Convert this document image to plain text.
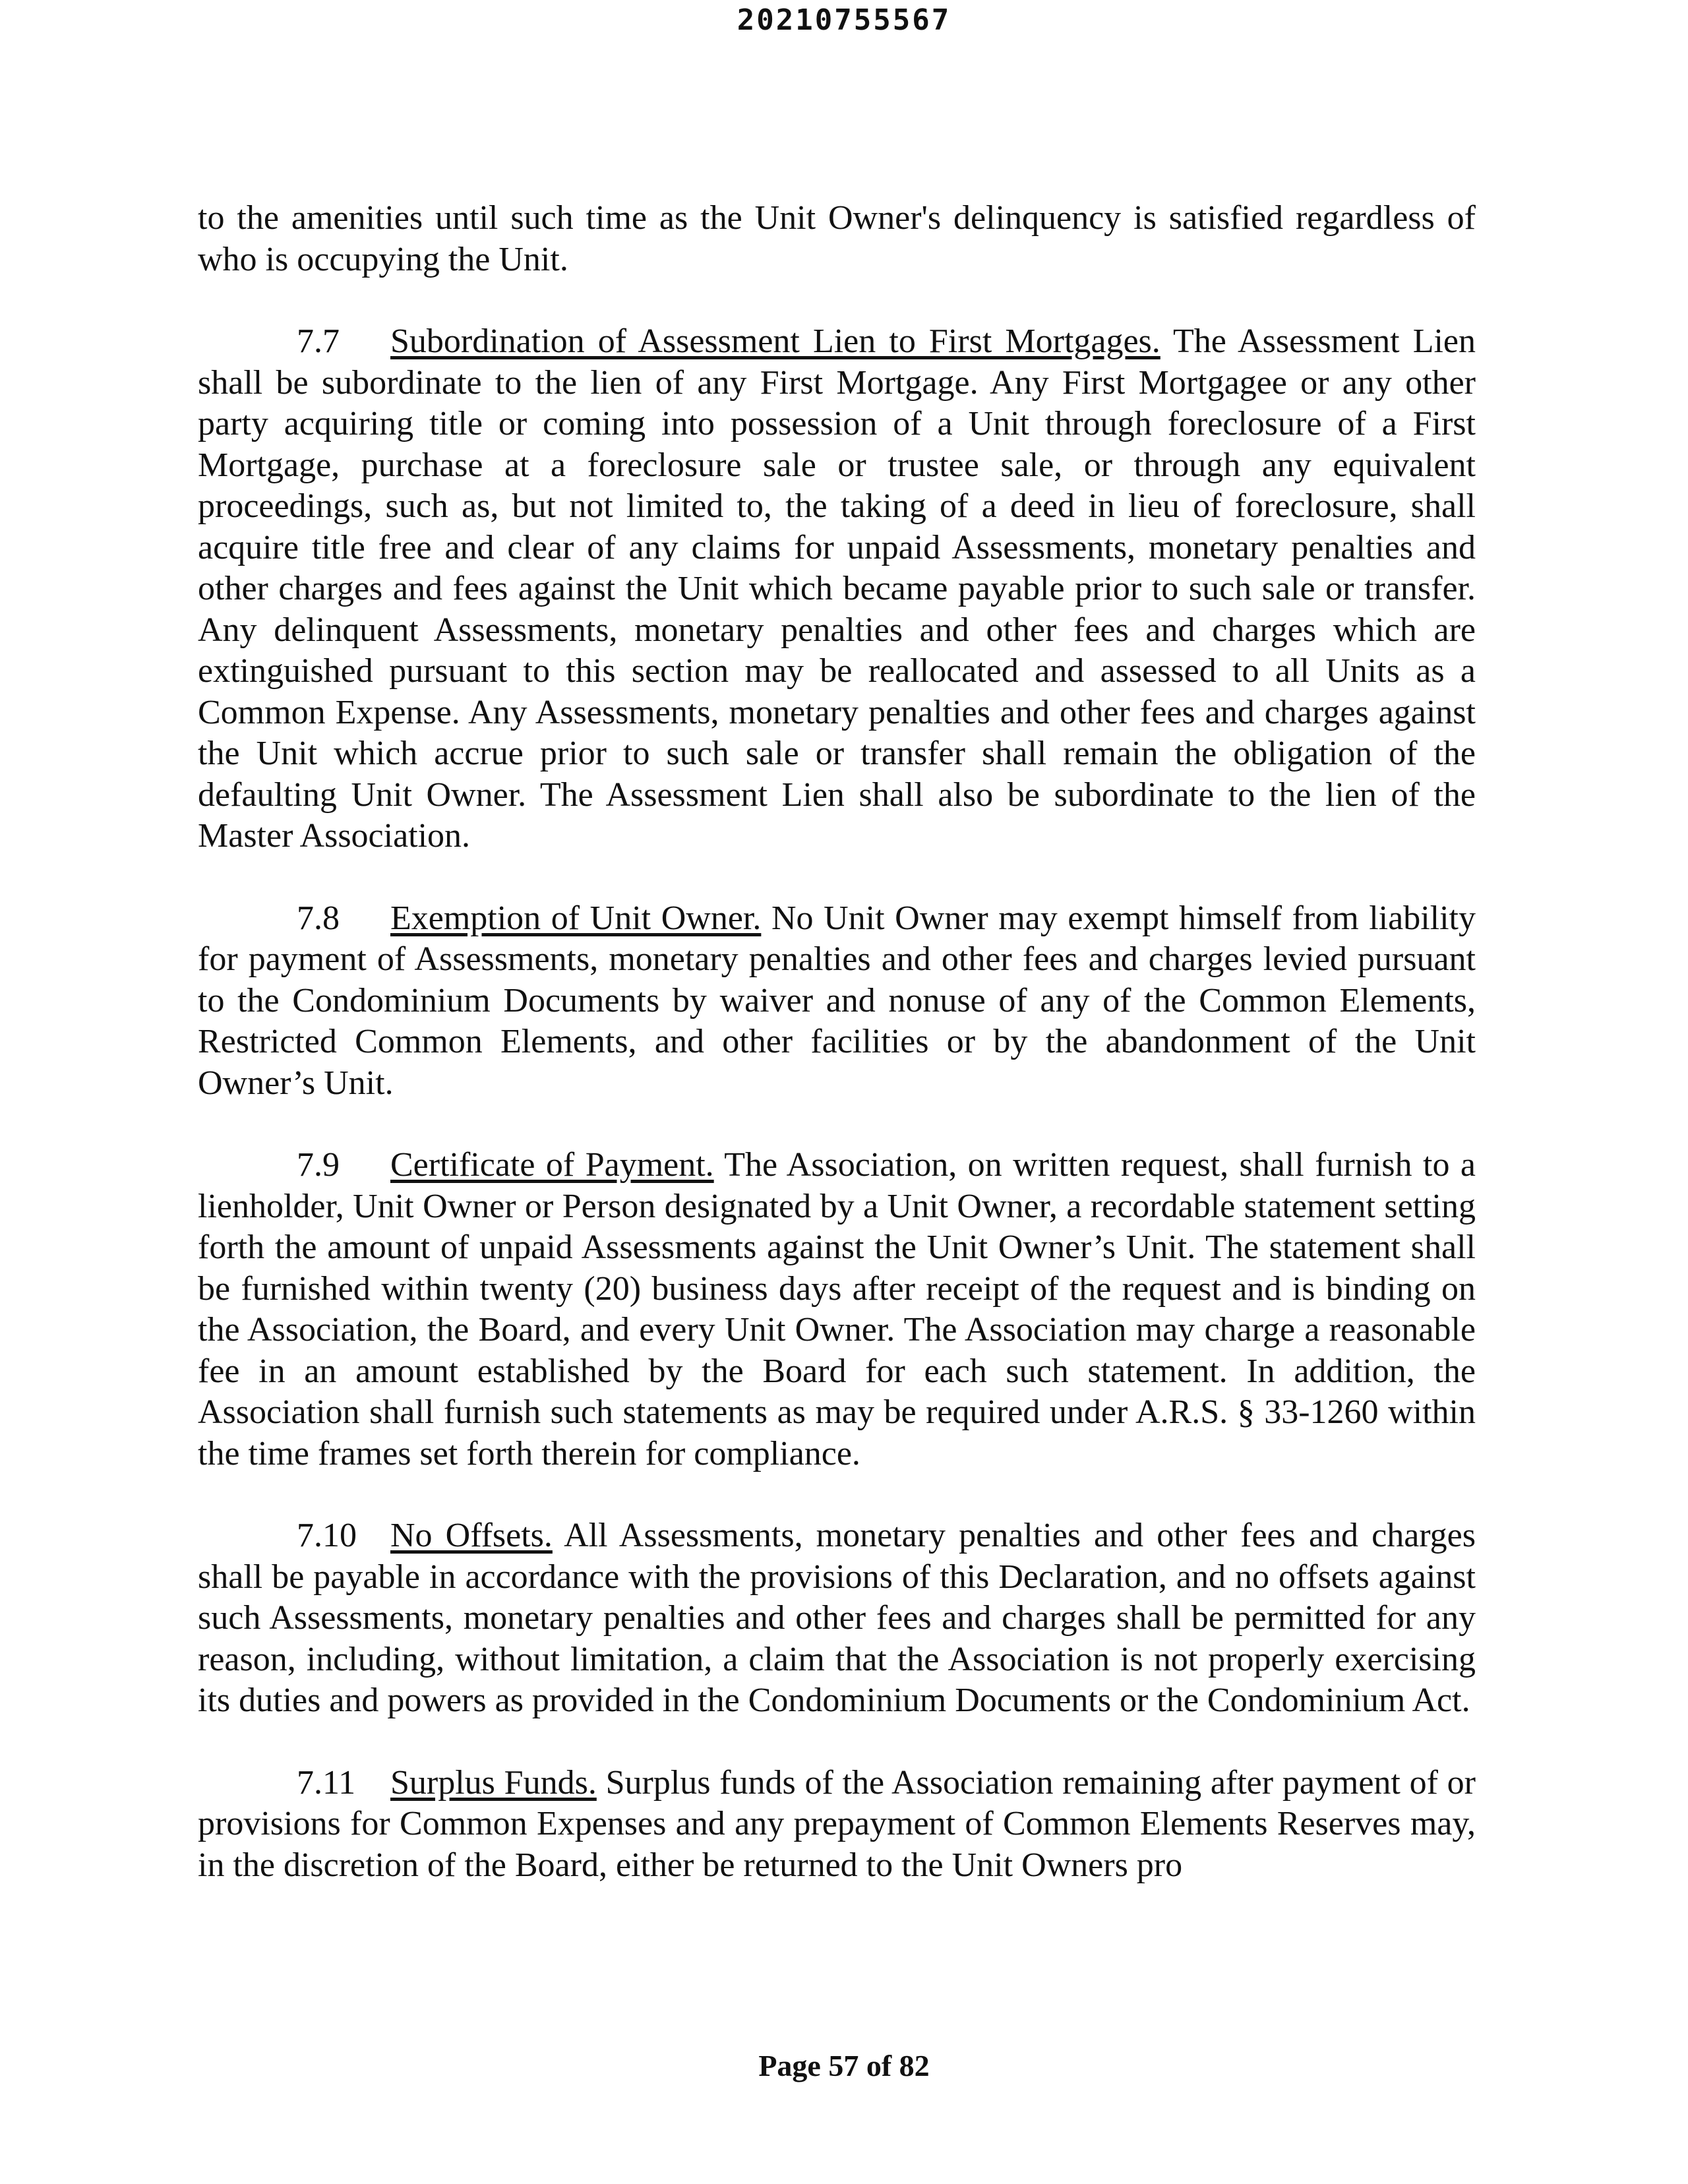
20210755567

to the amenities until such time as the Unit Owner's delinquency is satisfied regardless of who is occupying the Unit.

7.7 Subordination of Assessment Lien to First Mortgages. The Assessment Lien shall be subordinate to the lien of any First Mortgage. Any First Mortgagee or any other party acquiring title or coming into possession of a Unit through foreclosure of a First Mortgage, purchase at a foreclosure sale or trustee sale, or through any equivalent proceedings, such as, but not limited to, the taking of a deed in lieu of foreclosure, shall acquire title free and clear of any claims for unpaid Assessments, monetary penalties and other charges and fees against the Unit which became payable prior to such sale or transfer. Any delinquent Assessments, monetary penalties and other fees and charges which are extinguished pursuant to this section may be reallocated and assessed to all Units as a Common Expense. Any Assessments, monetary penalties and other fees and charges against the Unit which accrue prior to such sale or transfer shall remain the obligation of the defaulting Unit Owner. The Assessment Lien shall also be subordinate to the lien of the Master Association.

7.8 Exemption of Unit Owner. No Unit Owner may exempt himself from liability for payment of Assessments, monetary penalties and other fees and charges levied pursuant to the Condominium Documents by waiver and nonuse of any of the Common Elements, Restricted Common Elements, and other facilities or by the abandonment of the Unit Owner’s Unit.

7.9 Certificate of Payment. The Association, on written request, shall furnish to a lienholder, Unit Owner or Person designated by a Unit Owner, a recordable statement setting forth the amount of unpaid Assessments against the Unit Owner’s Unit. The statement shall be furnished within twenty (20) business days after receipt of the request and is binding on the Association, the Board, and every Unit Owner. The Association may charge a reasonable fee in an amount established by the Board for each such statement. In addition, the Association shall furnish such statements as may be required under A.R.S. § 33-1260 within the time frames set forth therein for compliance.

7.10 No Offsets. All Assessments, monetary penalties and other fees and charges shall be payable in accordance with the provisions of this Declaration, and no offsets against such Assessments, monetary penalties and other fees and charges shall be permitted for any reason, including, without limitation, a claim that the Association is not properly exercising its duties and powers as provided in the Condominium Documents or the Condominium Act.

7.11 Surplus Funds. Surplus funds of the Association remaining after payment of or provisions for Common Expenses and any prepayment of Common Elements Reserves may, in the discretion of the Board, either be returned to the Unit Owners pro

Page 57 of 82
